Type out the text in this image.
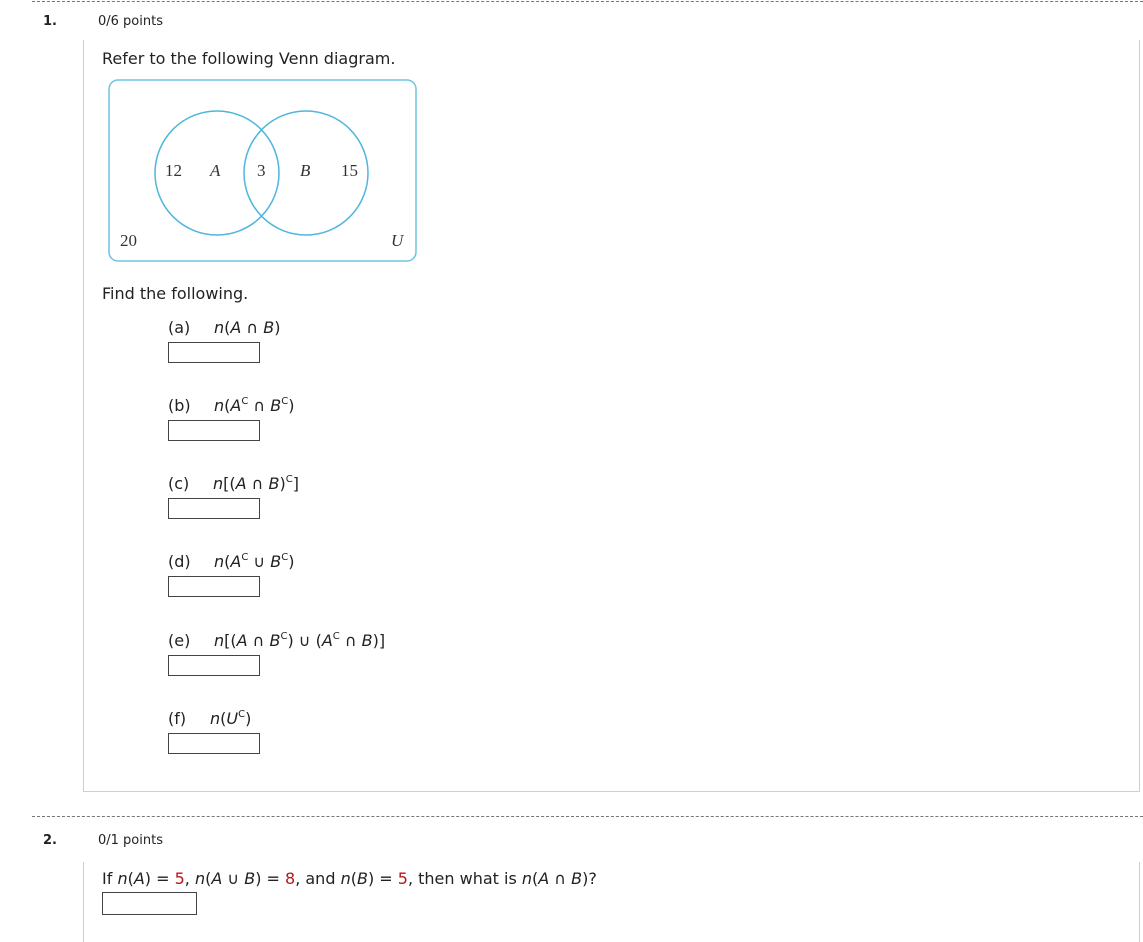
1.	0/6 points
Refer to the following Venn diagram.
12 A 3 B 15
20	U
Find the following.
(a) n(A ∩ B)
(b) $n(A^C$ ∩ $B^C$)
(c) n[(A ∩ B)$^C$]
(d) $n(A^C$ ∪ $B^C$)
(e) n[(A ∩ $B^C$) ∪ ($A^C$ ∩ B)]
(f) $n(U^C)$
2.	0/1 points
If n(A) = 5, n(A ∪ B) = 8, and n(B) = 5, then what is n(A ∩ B)?
